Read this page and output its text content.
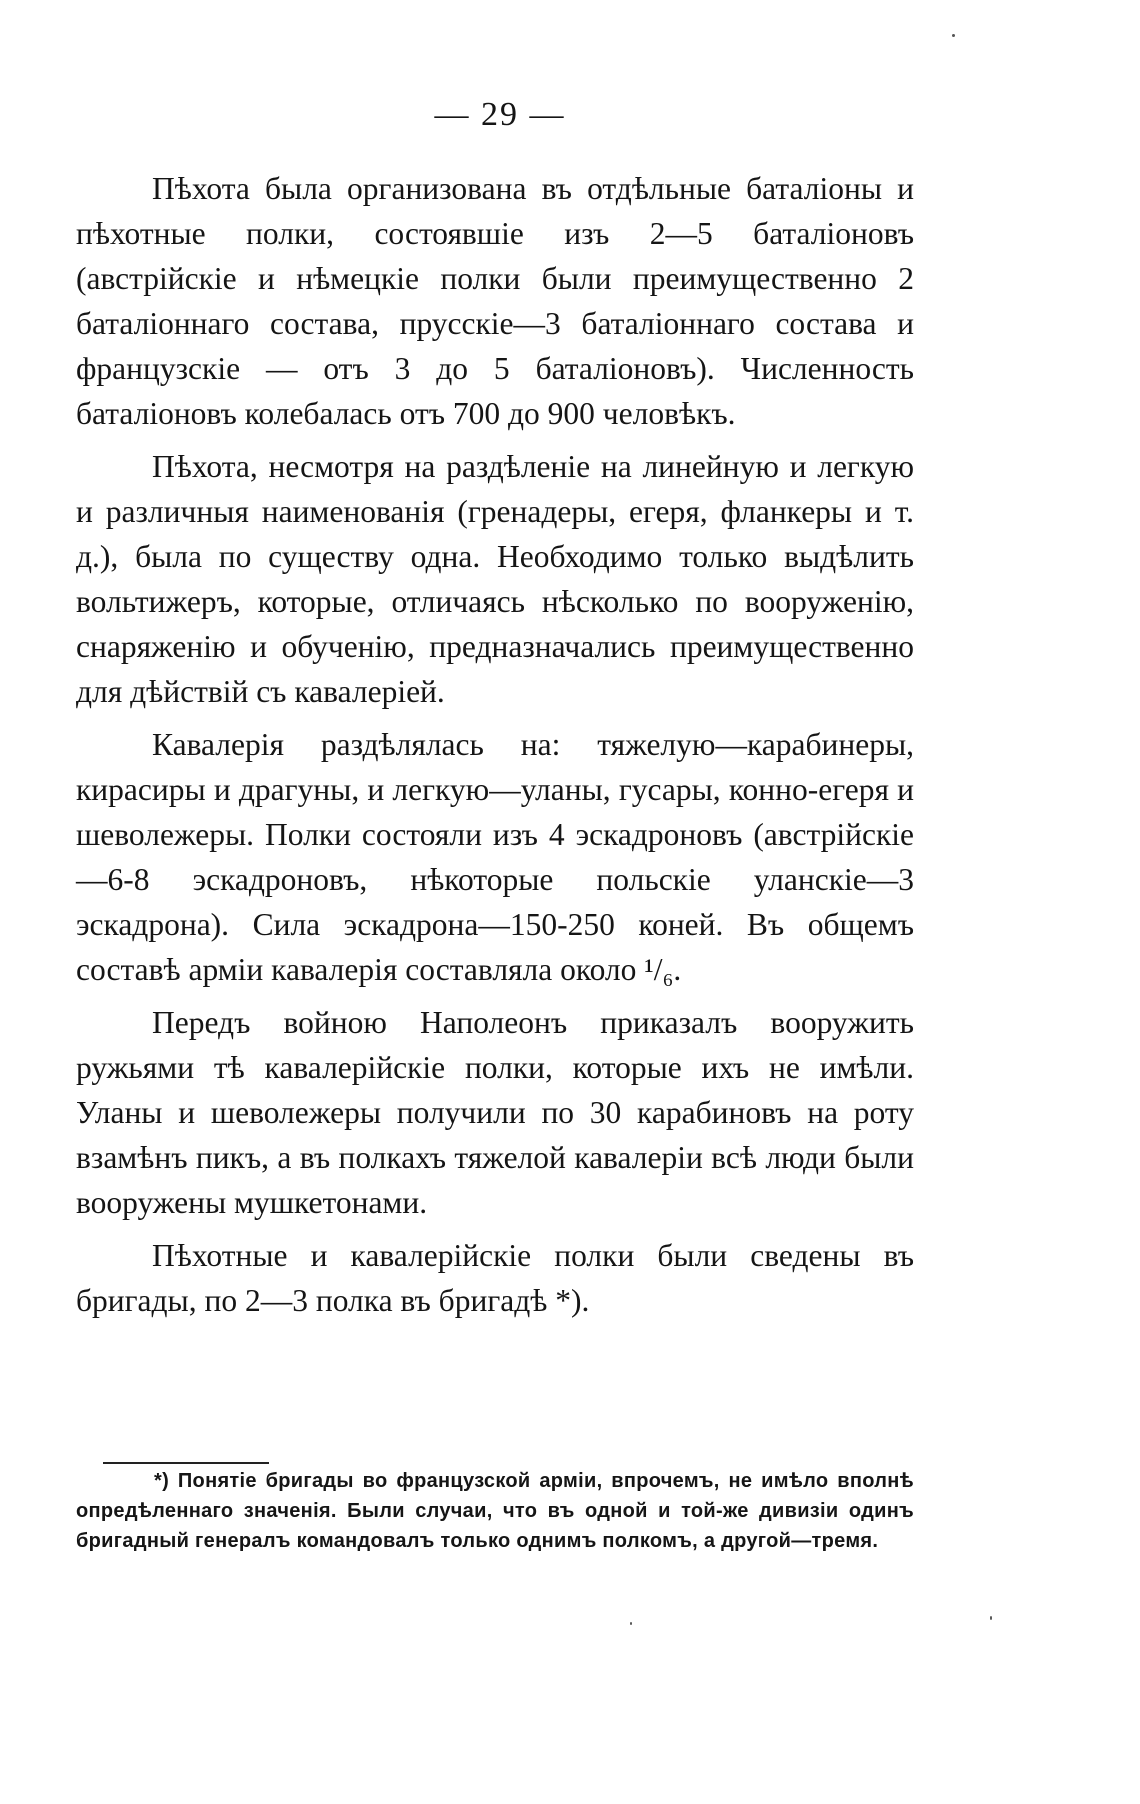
— 29 —

Пѣхота была организована въ отдѣльные баталіоны и пѣхотные полки, состоявшіе изъ 2—5 баталіоновъ (австрійскіе и нѣмецкіе полки были преимущественно 2 баталіоннаго состава, прусскіе—3 баталіоннаго состава и французскіе — отъ 3 до 5 баталіоновъ). Численность баталіоновъ колебалась отъ 700 до 900 человѣкъ.

Пѣхота, несмотря на раздѣленіе на линейную и легкую и различныя наименованія (гренадеры, егеря, фланкеры и т. д.), была по существу одна. Необходимо только выдѣлить вольтижеръ, которые, отличаясь нѣсколько по вооруженію, снаряженію и обученію, предназначались преимущественно для дѣйствій съ кавалеріей.

Кавалерія раздѣлялась на: тяжелую—карабинеры, кирасиры и драгуны, и легкую—уланы, гусары, конно-егеря и шеволежеры. Полки состояли изъ 4 эскадроновъ (австрійскіе—6-8 эскадроновъ, нѣкоторые польскіе уланскіе—3 эскадрона). Сила эскадрона—150-250 коней. Въ общемъ составѣ арміи кавалерія составляла около ¹/₆.

Передъ войною Наполеонъ приказалъ вооружить ружьями тѣ кавалерійскіе полки, которые ихъ не имѣли. Уланы и шеволежеры получили по 30 карабиновъ на роту взамѣнъ пикъ, а въ полкахъ тяжелой кавалеріи всѣ люди были вооружены мушкетонами.

Пѣхотные и кавалерійскіе полки были сведены въ бригады, по 2—3 полка въ бригадѣ *).

*) Понятіе бригады во французской арміи, впрочемъ, не имѣло вполнѣ опредѣленнаго значенія. Были случаи, что въ одной и той-же дивизіи одинъ бригадный генералъ командовалъ только однимъ полкомъ, а другой—тремя.
